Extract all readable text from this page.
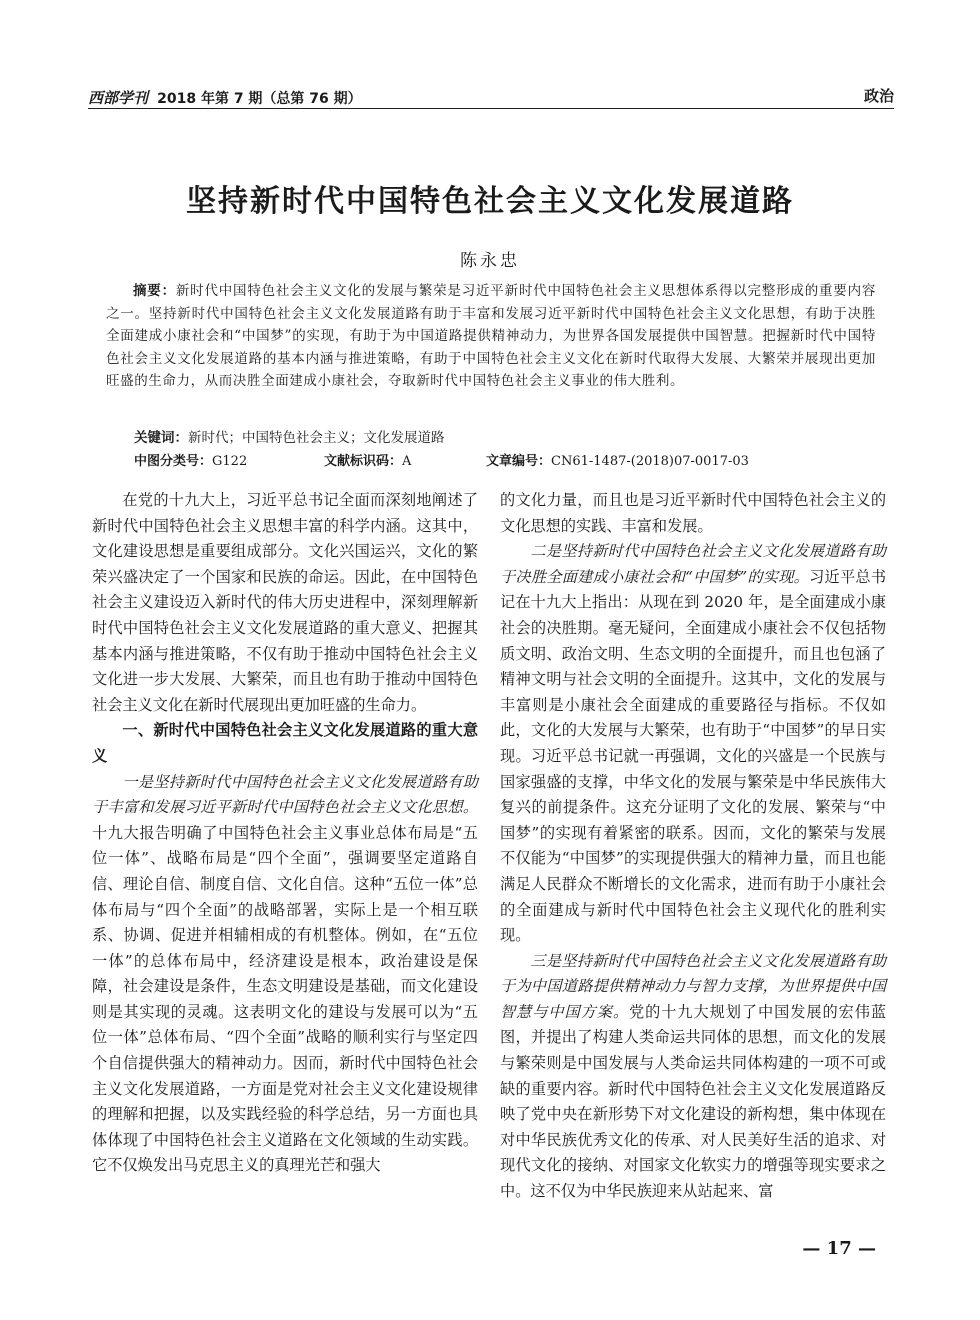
西部学刊 2018 年第 7 期（总第 76 期）	政治
坚持新时代中国特色社会主义文化发展道路
陈永忠
摘要：新时代中国特色社会主义文化的发展与繁荣是习近平新时代中国特色社会主义思想体系得以完整形成的重要内容之一。坚持新时代中国特色社会主义文化发展道路有助于丰富和发展习近平新时代中国特色社会主义文化思想，有助于决胜全面建成小康社会和“中国梦”的实现，有助于为中国道路提供精神动力，为世界各国发展提供中国智慧。把握新时代中国特色社会主义文化发展道路的基本内涵与推进策略，有助于中国特色社会主义文化在新时代取得大发展、大繁荣并展现出更加旺盛的生命力，从而决胜全面建成小康社会，夺取新时代中国特色社会主义事业的伟大胜利。
关键词：新时代；中国特色社会主义；文化发展道路
中图分类号：G122	文献标识码：A	文章编号：CN61-1487-(2018)07-0017-03

在党的十九大上，习近平总书记全面而深刻地阐述了新时代中国特色社会主义思想丰富的科学内涵。这其中，文化建设思想是重要组成部分。文化兴国运兴，文化的繁荣兴盛决定了一个国家和民族的命运。因此，在中国特色社会主义建设迈入新时代的伟大历史进程中，深刻理解新时代中国特色社会主义文化发展道路的重大意义、把握其基本内涵与推进策略，不仅有助于推动中国特色社会主义文化进一步大发展、大繁荣，而且也有助于推动中国特色社会主义文化在新时代展现出更加旺盛的生命力。

一、新时代中国特色社会主义文化发展道路的重大意义

一是坚持新时代中国特色社会主义文化发展道路有助于丰富和发展习近平新时代中国特色社会主义文化思想。十九大报告明确了中国特色社会主义事业总体布局是“五位一体”、战略布局是“四个全面”，强调要坚定道路自信、理论自信、制度自信、文化自信。这种“五位一体”总体布局与“四个全面”的战略部署，实际上是一个相互联系、协调、促进并相辅相成的有机整体。例如，在“五位一体”的总体布局中，经济建设是根本，政治建设是保障，社会建设是条件，生态文明建设是基础，而文化建设则是其实现的灵魂。这表明文化的建设与发展可以为“五位一体”总体布局、“四个全面”战略的顺利实行与坚定四个自信提供强大的精神动力。因而，新时代中国特色社会主义文化发展道路，一方面是党对社会主义文化建设规律的理解和把握，以及实践经验的科学总结，另一方面也具体体现了中国特色社会主义道路在文化领域的生动实践。它不仅焕发出马克思主义的真理光芒和强大

的文化力量，而且也是习近平新时代中国特色社会主义的文化思想的实践、丰富和发展。

二是坚持新时代中国特色社会主义文化发展道路有助于决胜全面建成小康社会和“中国梦”的实现。习近平总书记在十九大上指出：从现在到 2020 年，是全面建成小康社会的决胜期。毫无疑问，全面建成小康社会不仅包括物质文明、政治文明、生态文明的全面提升，而且也包涵了精神文明与社会文明的全面提升。这其中，文化的发展与丰富则是小康社会全面建成的重要路径与指标。不仅如此，文化的大发展与大繁荣，也有助于“中国梦”的早日实现。习近平总书记就一再强调，文化的兴盛是一个民族与国家强盛的支撑，中华文化的发展与繁荣是中华民族伟大复兴的前提条件。这充分证明了文化的发展、繁荣与“中国梦”的实现有着紧密的联系。因而，文化的繁荣与发展不仅能为“中国梦”的实现提供强大的精神力量，而且也能满足人民群众不断增长的文化需求，进而有助于小康社会的全面建成与新时代中国特色社会主义现代化的胜利实现。

三是坚持新时代中国特色社会主义文化发展道路有助于为中国道路提供精神动力与智力支撑，为世界提供中国智慧与中国方案。党的十九大规划了中国发展的宏伟蓝图，并提出了构建人类命运共同体的思想，而文化的发展与繁荣则是中国发展与人类命运共同体构建的一项不可或缺的重要内容。新时代中国特色社会主义文化发展道路反映了党中央在新形势下对文化建设的新构想，集中体现在对中华民族优秀文化的传承、对人民美好生活的追求、对现代文化的接纳、对国家文化软实力的增强等现实要求之中。这不仅为中华民族迎来从站起来、富

— 17 —
